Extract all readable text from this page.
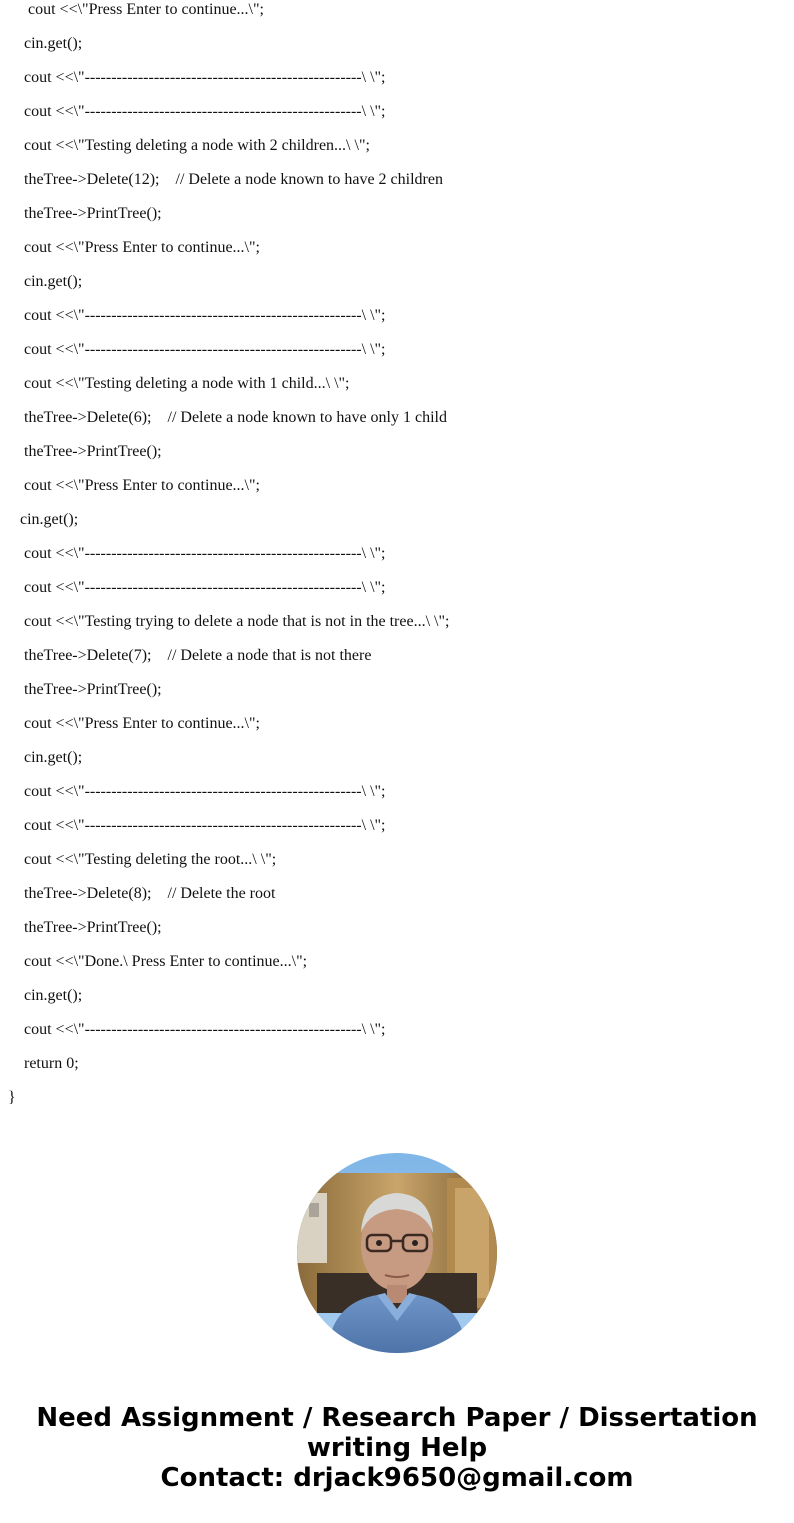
cout <<\"Press Enter to continue...\";
cin.get();
cout <<\"----------------------------------------------------\ \";
cout <<\"----------------------------------------------------\ \";
cout <<\"Testing deleting a node with 2 children...\ \";
theTree->Delete(12);    // Delete a node known to have 2 children
theTree->PrintTree();
cout <<\"Press Enter to continue...\";
cin.get();
cout <<\"----------------------------------------------------\ \";
cout <<\"----------------------------------------------------\ \";
cout <<\"Testing deleting a node with 1 child...\ \";
theTree->Delete(6);    // Delete a node known to have only 1 child
theTree->PrintTree();
cout <<\"Press Enter to continue...\";
cin.get();
cout <<\"----------------------------------------------------\ \";
cout <<\"----------------------------------------------------\ \";
cout <<\"Testing trying to delete a node that is not in the tree...\ \";
theTree->Delete(7);    // Delete a node that is not there
theTree->PrintTree();
cout <<\"Press Enter to continue...\";
cin.get();
cout <<\"----------------------------------------------------\ \";
cout <<\"----------------------------------------------------\ \";
cout <<\"Testing deleting the root...\ \";
theTree->Delete(8);    // Delete the root
theTree->PrintTree();
cout <<\"Done.\ Press Enter to continue...\";
cin.get();
cout <<\"----------------------------------------------------\ \";
return 0;
}
Need Assignment / Research Paper / Dissertation
writing Help
Contact: drjack9650@gmail.com
